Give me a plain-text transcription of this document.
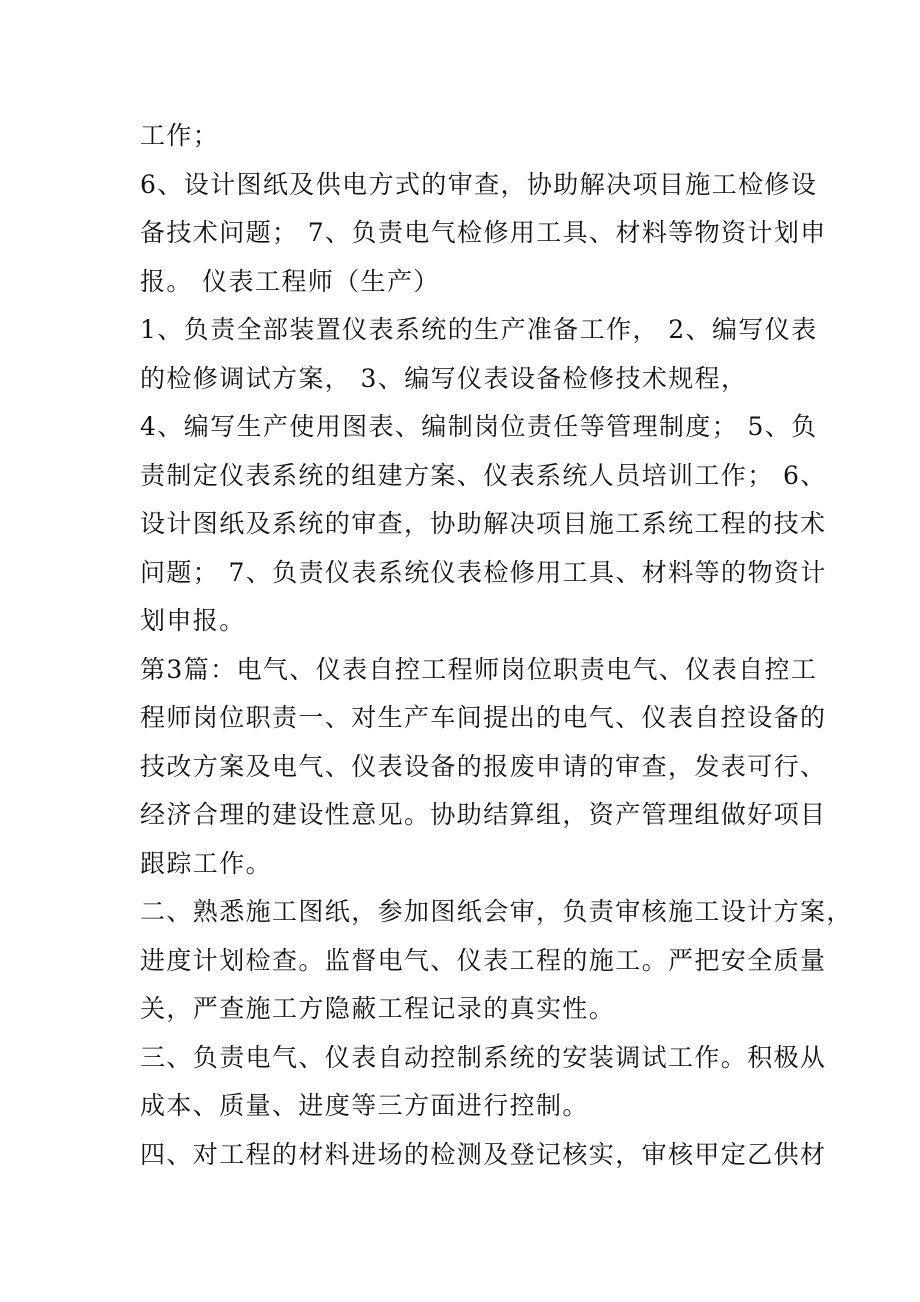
工作；
6、设计图纸及供电方式的审查，协助解决项目施工检修设
备技术问题； 7、负责电气检修用工具、材料等物资计划申
报。 仪表工程师（生产）
1、负责全部装置仪表系统的生产准备工作， 2、编写仪表
的检修调试方案， 3、编写仪表设备检修技术规程，
4、编写生产使用图表、编制岗位责任等管理制度； 5、负
责制定仪表系统的组建方案、仪表系统人员培训工作； 6、
设计图纸及系统的审查，协助解决项目施工系统工程的技术
问题； 7、负责仪表系统仪表检修用工具、材料等的物资计
划申报。
第3篇：电气、仪表自控工程师岗位职责电气、仪表自控工
程师岗位职责一、对生产车间提出的电气、仪表自控设备的
技改方案及电气、仪表设备的报废申请的审查，发表可行、
经济合理的建设性意见。协助结算组，资产管理组做好项目
跟踪工作。
二、熟悉施工图纸，参加图纸会审，负责审核施工设计方案，
进度计划检查。监督电气、仪表工程的施工。严把安全质量
关，严查施工方隐蔽工程记录的真实性。
三、负责电气、仪表自动控制系统的安装调试工作。积极从
成本、质量、进度等三方面进行控制。
四、对工程的材料进场的检测及登记核实，审核甲定乙供材
